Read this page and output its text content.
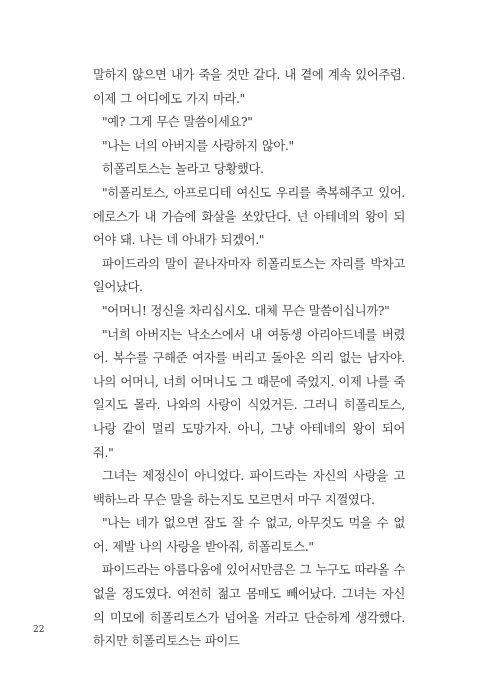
말하지 않으면 내가 죽을 것만 같다. 내 곁에 계속 있어주렴. 이제 그 어디에도 가지 마라."

"예? 그게 무슨 말씀이세요?"

"나는 너의 아버지를 사랑하지 않아."

히폴리토스는 놀라고 당황했다.

"히폴리토스, 아프로디테 여신도 우리를 축복해주고 있어. 에로스가 내 가슴에 화살을 쏘았단다. 넌 아테네의 왕이 되어야 돼. 나는 네 아내가 되겠어."

파이드라의 말이 끝나자마자 히폴리토스는 자리를 박차고 일어났다.

"어머니! 정신을 차리십시오. 대체 무슨 말씀이십니까?"

"너희 아버지는 낙소스에서 내 여동생 아리아드네를 버렸어. 복수를 구해준 여자를 버리고 돌아온 의리 없는 남자야. 나의 어머니, 너희 어머니도 그 때문에 죽었지. 이제 나를 죽일지도 몰라. 나와의 사랑이 식었거든. 그러니 히폴리토스, 나랑 같이 멀리 도망가자. 아니, 그냥 아테네의 왕이 되어줘."

그녀는 제정신이 아니었다. 파이드라는 자신의 사랑을 고백하느라 무슨 말을 하는지도 모르면서 마구 지껄였다.

"나는 네가 없으면 잠도 잘 수 없고, 아무것도 먹을 수 없어. 제발 나의 사랑을 받아줘, 히폴리토스."

파이드라는 아름다움에 있어서만큼은 그 누구도 따라올 수 없을 정도였다. 여전히 젊고 몸매도 빼어났다. 그녀는 자신의 미모에 히폴리토스가 넘어올 거라고 단순하게 생각했다. 하지만 히폴리토스는 파이드

22
